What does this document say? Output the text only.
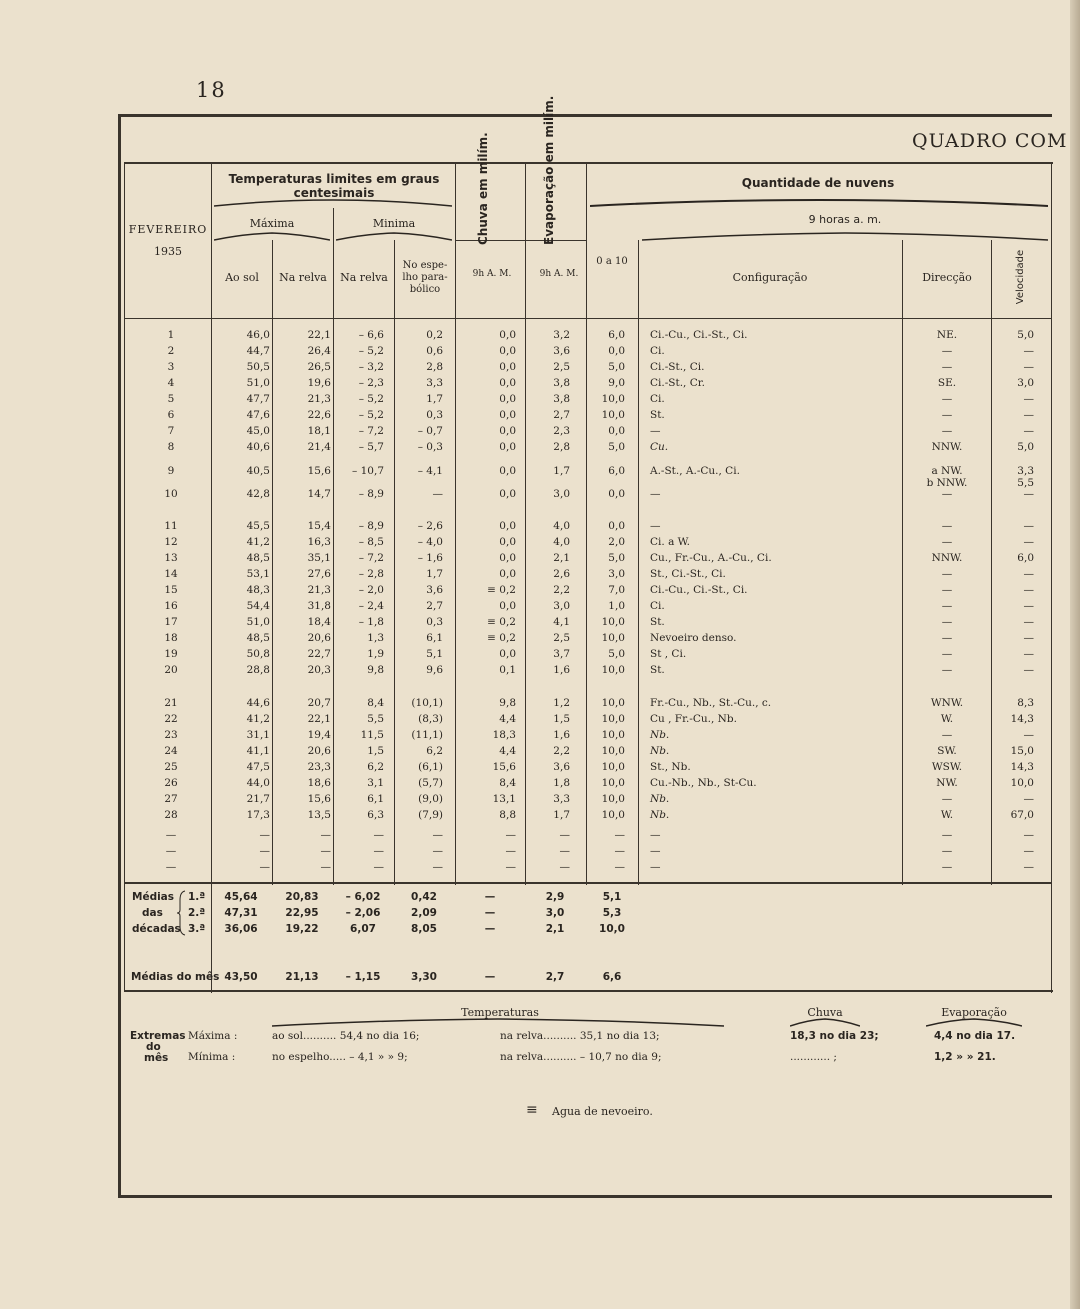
18
QUADRO COM
FEVEREIRO
1935
Temperaturas limites em graus centesimais
Máxima	Minima
Ao sol	Na relva	Na relva
No espe-lho para-bólico
Chuva em milím.	Evaporação em milím.
9h A. M.	9h A. M.
Quantidade de nuvens
9 horas a. m.
0 a 10
Configuração	Direcção	Velocidade
1	46,0	22,1	– 6,6	0,2	0,0	3,2	6,0 Ci.-Cu., Ci.-St., Ci.	NE.	5,0
2	44,7	26,4	– 5,2	0,6	0,0	3,6	0,0 Ci.	—	—
3	50,5	26,5	– 3,2	2,8	0,0	2,5	5,0 Ci.-St., Ci.	—	—
4	51,0	19,6	– 2,3	3,3	0,0	3,8	9,0 Ci.-St., Cr.	SE.	3,0
5	47,7	21,3	– 5,2	1,7	0,0	3,8	10,0 Ci.	—	—
6	47,6	22,6	– 5,2	0,3	0,0	2,7	10,0 St.	—	—
7	45,0	18,1	– 7,2	– 0,7	0,0	2,3	0,0 —	—	—
8	40,6	21,4	– 5,7	– 0,3	0,0	2,8	5,0 Cu.	NNW.	5,0
9	40,5	15,6	– 10,7	– 4,1	0,0	1,7	6,0 A.-St., A.-Cu., Ci.	a NW.	3,3
b NNW.	5,5
10	42,8	14,7	– 8,9	—	0,0	3,0	0,0 —	—	—
11	45,5	15,4	– 8,9	– 2,6	0,0	4,0	0,0 —	—	—
12	41,2	16,3	– 8,5	– 4,0	0,0	4,0	2,0 Ci. a W.	—	—
13	48,5	35,1	– 7,2	– 1,6	0,0	2,1	5,0 Cu., Fr.-Cu., A.-Cu., Ci.	NNW.	6,0
14	53,1	27,6	– 2,8	1,7	0,0	2,6	3,0 St., Ci.-St., Ci.	—	—
15	48,3	21,3	– 2,0	3,6	≡ 0,2	2,2	7,0 Ci.-Cu., Ci.-St., Ci.	—	—
16	54,4	31,8	– 2,4	2,7	0,0	3,0	1,0 Ci.	—	—
17	51,0	18,4	– 1,8	0,3	≡ 0,2	4,1	10,0 St.	—	—
18	48,5	20,6	1,3	6,1	≡ 0,2	2,5	10,0 Nevoeiro denso.	—	—
19	50,8	22,7	1,9	5,1	0,0	3,7	5,0 St , Ci.	—	—
20	28,8	20,3	9,8	9,6	0,1	1,6	10,0 St.	—	—
21	44,6	20,7	8,4	(10,1)	9,8	1,2	10,0 Fr.-Cu., Nb., St.-Cu., c.	WNW.	8,3
22	41,2	22,1	5,5	(8,3)	4,4	1,5	10,0 Cu , Fr.-Cu., Nb.	W.	14,3
23	31,1	19,4	11,5	(11,1)	18,3	1,6	10,0 Nb.	—	—
24	41,1	20,6	1,5	6,2	4,4	2,2	10,0 Nb.	SW.	15,0
25	47,5	23,3	6,2	(6,1)	15,6	3,6	10,0 St., Nb.	WSW.	14,3
26	44,0	18,6	3,1	(5,7)	8,4	1,8	10,0 Cu.-Nb., Nb., St-Cu.	NW.	10,0
27	21,7	15,6	6,1	(9,0)	13,1	3,3	10,0 Nb.	—	—
28	17,3	13,5	6,3	(7,9)	8,8	1,7	10,0 Nb.	W.	67,0
—	—	—	—	—	—	—	— —	—	—
—	—	—	—	—	—	—	— —	—	—
—	—	—	—	—	—	—	— —	—	—
Médias
das
décadas
1.ª	45,64	20,83	– 6,02	0,42	—	2,9	5,1
2.ª	47,31	22,95	– 2,06	2,09	—	3,0	5,3
3.ª	36,06	19,22	6,07	8,05	—	2,1	10,0
Médias do mês 43,50	21,13	– 1,15	3,30	—	2,7	6,6
Temperaturas	Chuva	Evaporação
Extremas
do
mês
Máxima :
Mínima :
ao sol.......... 54,4 no dia 16;	na relva.......... 35,1 no dia 13;	18,3 no dia 23;	4,4 no dia 17.
no espelho..... – 4,1 » » 9;	na relva.......... – 10,7 no dia 9;	............ ;	1,2 » » 21.
≡ Agua de nevoeiro.
